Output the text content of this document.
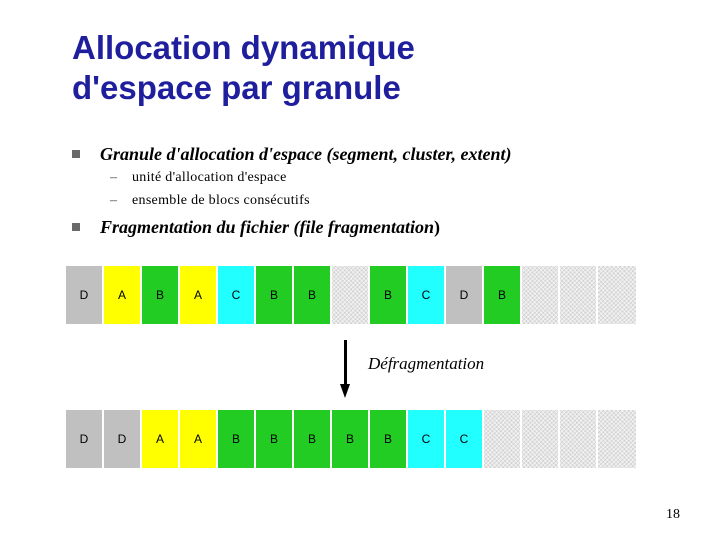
Allocation dynamique
d'espace par granule
Granule d'allocation d'espace (segment, cluster, extent)
– unité d'allocation d'espace
– ensemble de blocs consécutifs
Fragmentation du fichier (file fragmentation)
D	A	B	A	C	B	B	B	C	D	B
Défragmentation
D	D	A	A	B	B	B	B	B	C	C
18
